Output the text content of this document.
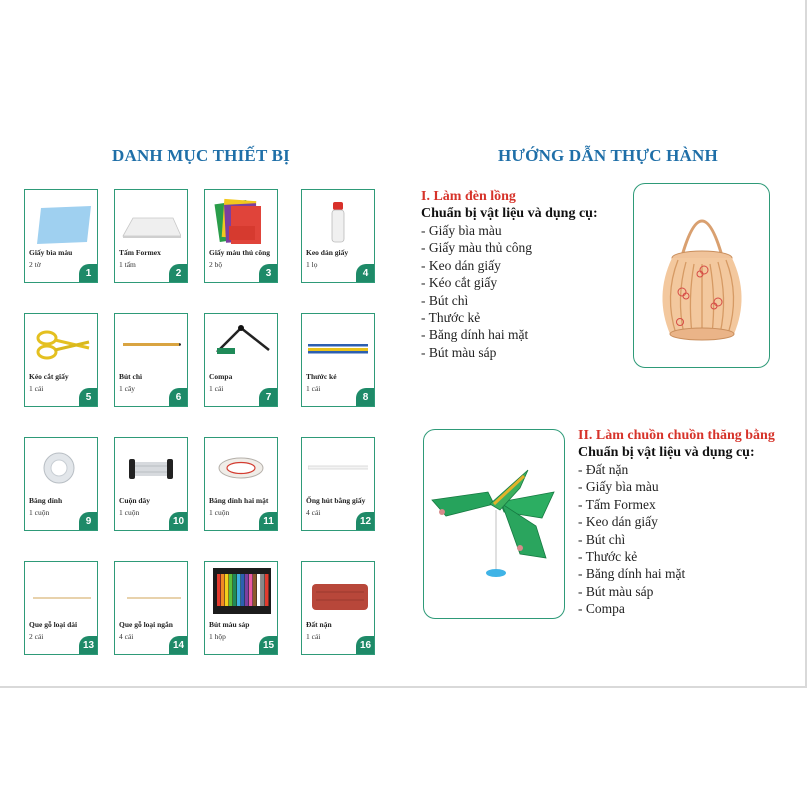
DANH MỤC THIẾT BỊ	HƯỚNG DẪN THỰC HÀNH
Giấy bìa màu
2 tờ
1
Tấm Formex
1 tấm
2
Giấy màu thủ công
2 bộ
3
Keo dán giấy
1 lọ
4
Kéo cắt giấy
1 cái
5
Bút chì
1 cây
6
Compa
1 cái
7
Thước kẻ
1 cái
8
Băng dính
1 cuộn
9
Cuộn dây
1 cuộn
10
Băng dính hai mặt
1 cuộn
11
Ống hút bằng giấy
4 cái
12
Que gỗ loại dài
2 cái
13
Que gỗ loại ngắn
4 cái
14
Bút màu sáp
1 hộp
15
Đất nặn
1 cái
16
I. Làm đèn lồng
Chuẩn bị vật liệu và dụng cụ:
- Giấy bìa màu
- Giấy màu thủ công
- Keo dán giấy
- Kéo cắt giấy
- Bút chì
- Thước kẻ
- Băng dính hai mặt
- Bút màu sáp
II. Làm chuồn chuồn thăng bằng
Chuẩn bị vật liệu và dụng cụ:
- Đất nặn
- Giấy bìa màu
- Tấm Formex
- Keo dán giấy
- Bút chì
- Thước kẻ
- Băng dính hai mặt
- Bút màu sáp
- Compa
